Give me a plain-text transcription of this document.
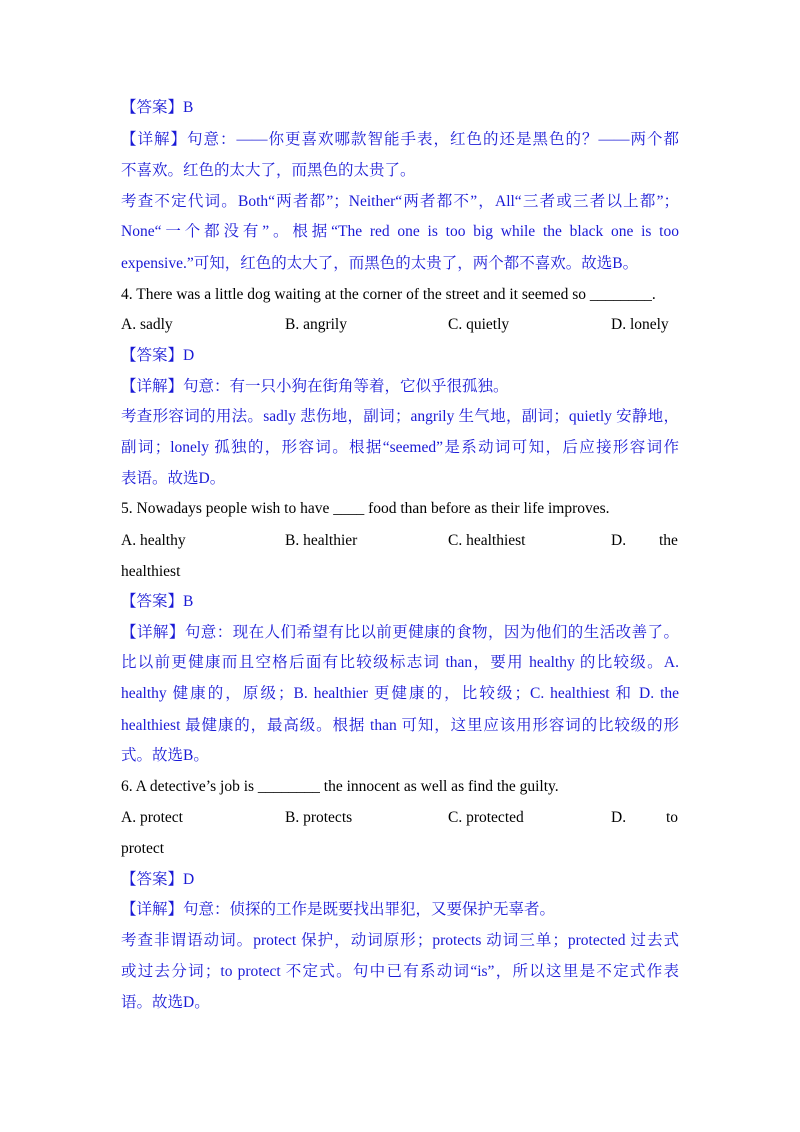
【答案】B
【详解】句意：——你更喜欢哪款智能手表，红色的还是黑色的？——两个都
不喜欢。红色的太大了，而黑色的太贵了。
考查不定代词。Both“两者都”；Neither“两者都不”，All“三者或三者以上都”；
None“一个都没有”。根据“The red one is too big while the black one is too
expensive.”可知，红色的太大了，而黑色的太贵了，两个都不喜欢。故选B。
4. There was a little dog waiting at the corner of the street and it seemed so ________.
A. sadly	B. angrily	C. quietly	D. lonely
【答案】D
【详解】句意：有一只小狗在街角等着，它似乎很孤独。
考查形容词的用法。sadly 悲伤地，副词；angrily 生气地，副词；quietly 安静地，
副词；lonely 孤独的，形容词。根据“seemed”是系动词可知，后应接形容词作
表语。故选D。
5. Nowadays people wish to have ____ food than before as their life improves.
A. healthy	B. healthier	C. healthiest	D. the
healthiest
【答案】B
【详解】句意：现在人们希望有比以前更健康的食物，因为他们的生活改善了。
比以前更健康而且空格后面有比较级标志词 than，要用 healthy 的比较级。A.
healthy 健康的，原级；B. healthier 更健康的，比较级；C. healthiest 和 D. the
healthiest 最健康的，最高级。根据 than 可知，这里应该用形容词的比较级的形
式。故选B。
6. A detective’s job is ________ the innocent as well as find the guilty.
A. protect	B. protects	C. protected	D.	to
protect
【答案】D
【详解】句意：侦探的工作是既要找出罪犯，又要保护无辜者。
考查非谓语动词。protect 保护，动词原形；protects 动词三单；protected 过去式
或过去分词；to protect 不定式。句中已有系动词“is”，所以这里是不定式作表
语。故选D。
